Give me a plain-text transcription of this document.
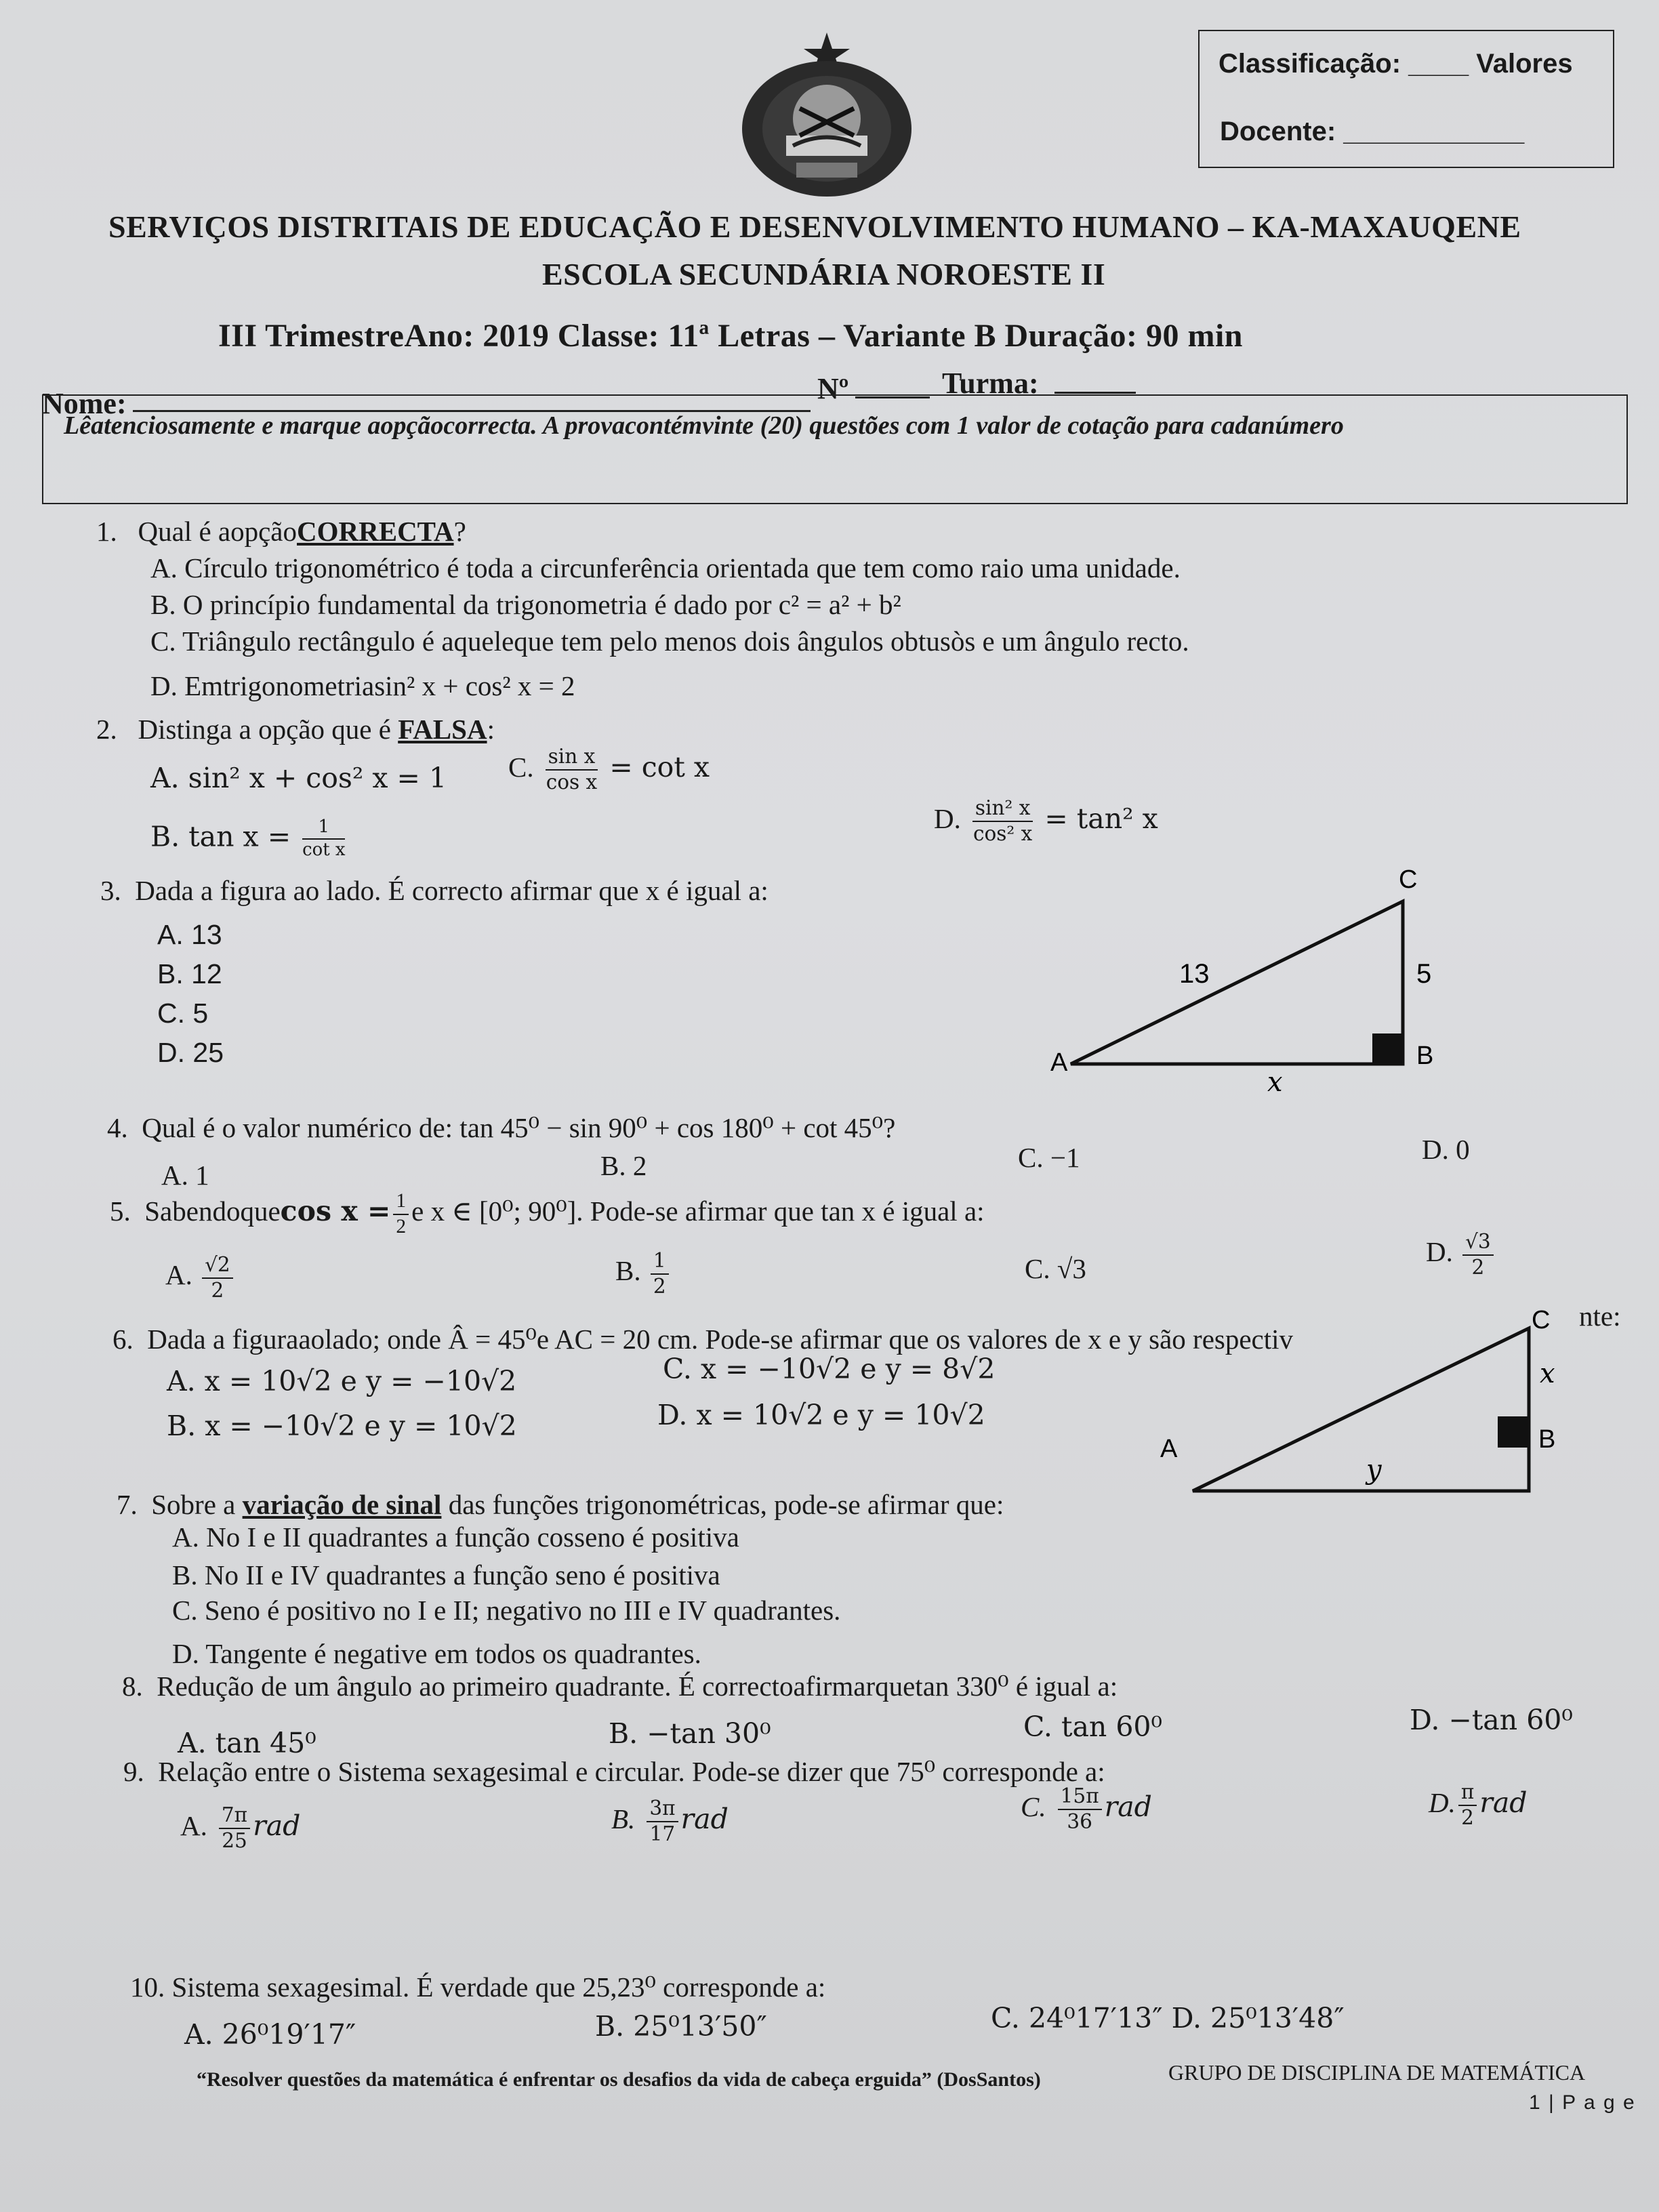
Classificação: ____ Valores
Docente: ____________
SERVIÇOS DISTRITAIS DE EDUCAÇÃO E DESENVOLVIMENTO HUMANO – KA-MAXAUQENE
ESCOLA SECUNDÁRIA NOROESTE II
III TrimestreAno: 2019 Classe: 11ª Letras – Variante B Duração: 90 min
Nome:	Nº	Turma:
Lêatenciosamente e marque aopçãocorrecta. A provacontémvinte (20) questões com 1 valor de cotação para cadanúmero
1. Qual é aopçãoCORRECTA?
A. Círculo trigonométrico é toda a circunferência orientada que tem como raio uma unidade.
B. O princípio fundamental da trigonometria é dado por c² = a² + b²
C. Triângulo rectângulo é aqueleque tem pelo menos dois ângulos obtusòs e um ângulo recto.
D. Emtrigonometriasin² x + cos² x = 2
2. Distinga a opção que é FALSA:
A. sin² x + cos² x = 1 C. $\frac{\text{sin x}}{\text{cos x}} = \cot x$
B. $\tan x = \frac{1}{\text{cot x}}$	D. $\frac{\text{sin² x}}{\text{cos² x}} = \tan^2$ x
3. Dada a figura ao lado. É correcto afirmar que x é igual a:
A. 13
B. 12
C. 5
D. 25
C
A	B
13	5
x
4. Qual é o valor numérico de: tan 45⁰ − sin 90⁰ + cos 180⁰ + cot 45⁰?
A. 1	B. 2	C. −1	D. 0
5. Sabendoquecos $x = \frac{1}{2}$ e x ∈ [0⁰; 90⁰]. Pode-se afirmar que tan x é igual a:
A. $\frac{√2}{2}$	B. $\frac{1}{2}$	C. √3
D. $\frac{√3}{2}$
6. Dada a figuraaolado; onde Â = 45⁰e AC = 20 cm. Pode-se afirmar que os valores de x e y são respectiv
nte:
A. x = 10√2 e y = −10√2	C. x = −10√2 e y = 8√2
B. x = −10√2 e y = 10√2	D. x = 10√2 e y = 10√2
C
A	B
x
y
7. Sobre a variação de sinal das funções trigonométricas, pode-se afirmar que:
A. No I e II quadrantes a função cosseno é positiva
B. No II e IV quadrantes a função seno é positiva
C. Seno é positivo no I e II; negativo no III e IV quadrantes.
D. Tangente é negative em todos os quadrantes.
8. Redução de um ângulo ao primeiro quadrante. É correctoafirmarquetan 330⁰ é igual a:
A. tan 45⁰	B. −tan 30⁰	C. tan 60⁰	D. −tan 60⁰
9. Relação entre o Sistema sexagesimal e circular. Pode-se dizer que 75⁰ corresponde a:
A. $\frac{7\pi}{25}$ rad	B. $\frac{3\pi}{17}$ rad	C. $\frac{15\pi}{36}$ rad	D. $\frac{\pi}{2}$ rad
10. Sistema sexagesimal. É verdade que 25,23⁰ corresponde a:
A. 26⁰19′17″	B. 25⁰13′50″	C. 24⁰17′13″ D. 25⁰13′48″
“Resolver questões da matemática é enfrentar os desafios da vida de cabeça erguida” (DosSantos)	GRUPO DE DISCIPLINA DE MATEMÁTICA
1 | P a g e
